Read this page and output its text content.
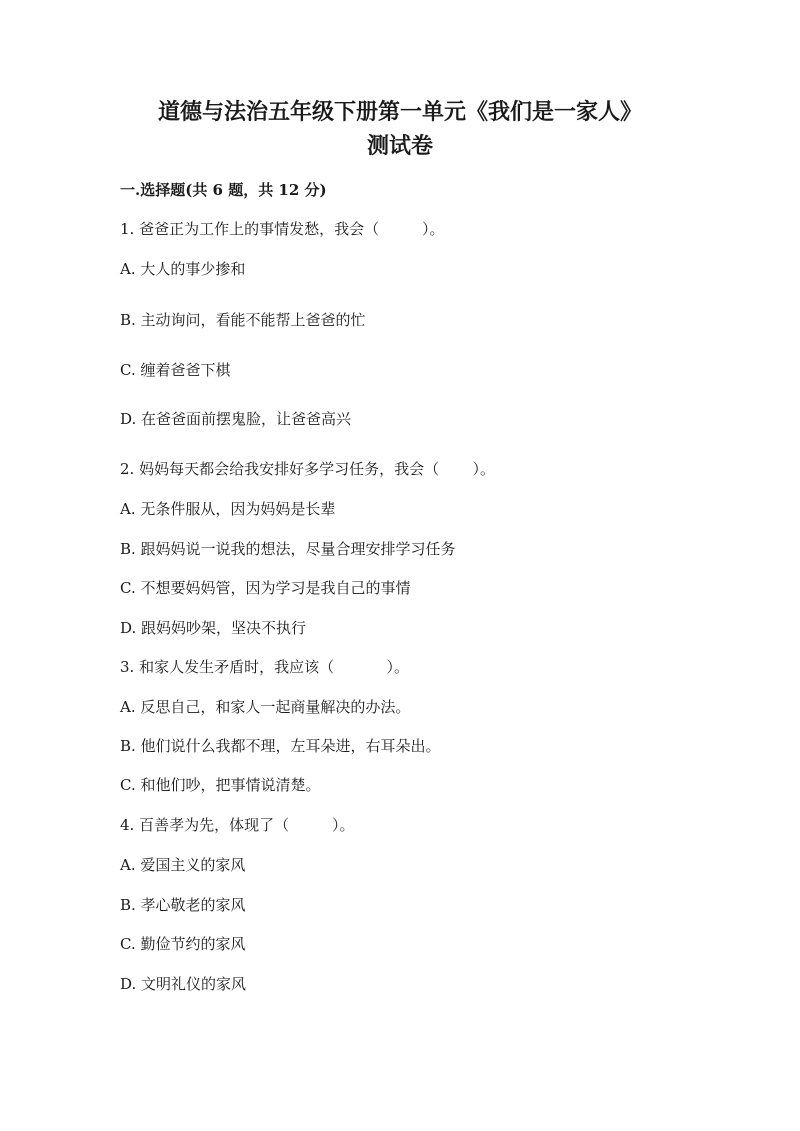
道德与法治五年级下册第一单元《我们是一家人》
测试卷
一.选择题(共 6 题，共 12 分)

1. 爸爸正为工作上的事情发愁，我会（         ）。

A. 大人的事少掺和

B. 主动询问，看能不能帮上爸爸的忙

C. 缠着爸爸下棋

D. 在爸爸面前摆鬼脸，让爸爸高兴

2. 妈妈每天都会给我安排好多学习任务，我会（       ）。

A. 无条件服从，因为妈妈是长辈

B. 跟妈妈说一说我的想法，尽量合理安排学习任务

C. 不想要妈妈管，因为学习是我自己的事情

D. 跟妈妈吵架，坚决不执行

3. 和家人发生矛盾时，我应该（           ）。

A. 反思自己，和家人一起商量解决的办法。

B. 他们说什么我都不理，左耳朵进，右耳朵出。

C. 和他们吵，把事情说清楚。

4. 百善孝为先，体现了（         ）。

A. 爱国主义的家风

B. 孝心敬老的家风

C. 勤俭节约的家风

D. 文明礼仪的家风
